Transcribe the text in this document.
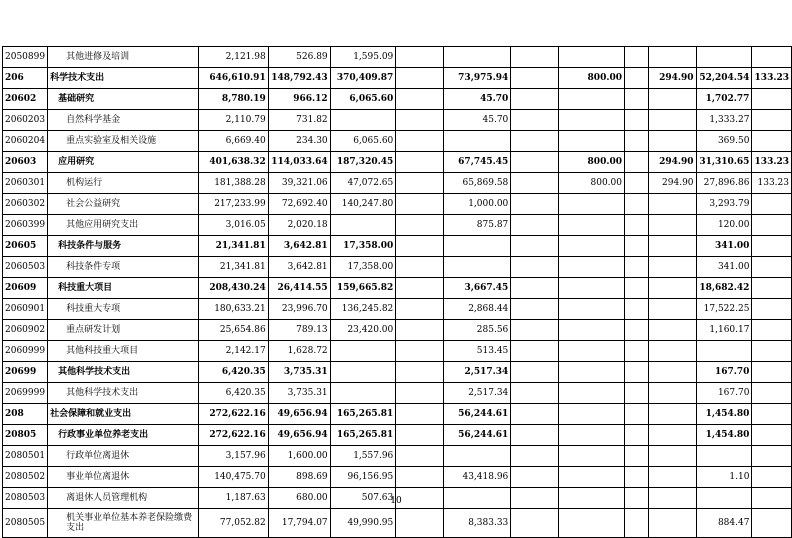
2050899	其他进修及培训	2,121.98	526.89	1,595.09								
206	科学技术支出	646,610.91	148,792.43	370,409.87		73,975.94		800.00		294.90	52,204.54	133.23
20602	基础研究	8,780.19	966.12	6,065.60		45.70					1,702.77	
2060203	自然科学基金	2,110.79	731.82			45.70					1,333.27	
2060204	重点实验室及相关设施	6,669.40	234.30	6,065.60							369.50	
20603	应用研究	401,638.32	114,033.64	187,320.45		67,745.45		800.00		294.90	31,310.65	133.23
2060301	机构运行	181,388.28	39,321.06	47,072.65		65,869.58		800.00		294.90	27,896.86	133.23
2060302	社会公益研究	217,233.99	72,692.40	140,247.80		1,000.00					3,293.79	
2060399	其他应用研究支出	3,016.05	2,020.18			875.87					120.00	
20605	科技条件与服务	21,341.81	3,642.81	17,358.00							341.00	
2060503	科技条件专项	21,341.81	3,642.81	17,358.00							341.00	
20609	科技重大项目	208,430.24	26,414.55	159,665.82		3,667.45					18,682.42	
2060901	科技重大专项	180,633.21	23,996.70	136,245.82		2,868.44					17,522.25	
2060902	重点研发计划	25,654.86	789.13	23,420.00		285.56					1,160.17	
2060999	其他科技重大项目	2,142.17	1,628.72			513.45						
20699	其他科学技术支出	6,420.35	3,735.31			2,517.34					167.70	
2069999	其他科学技术支出	6,420.35	3,735.31			2,517.34					167.70	
208	社会保障和就业支出	272,622.16	49,656.94	165,265.81		56,244.61					1,454.80	
20805	行政事业单位养老支出	272,622.16	49,656.94	165,265.81		56,244.61					1,454.80	
2080501	行政单位离退休	3,157.96	1,600.00	1,557.96								
2080502	事业单位离退休	140,475.70	898.69	96,156.95		43,418.96					1.10	
2080503	离退休人员管理机构	1,187.63	680.00	507.63								
2080505	机关事业单位基本养老保险缴费支出	77,052.82	17,794.07	49,990.95		8,383.33					884.47	
10
